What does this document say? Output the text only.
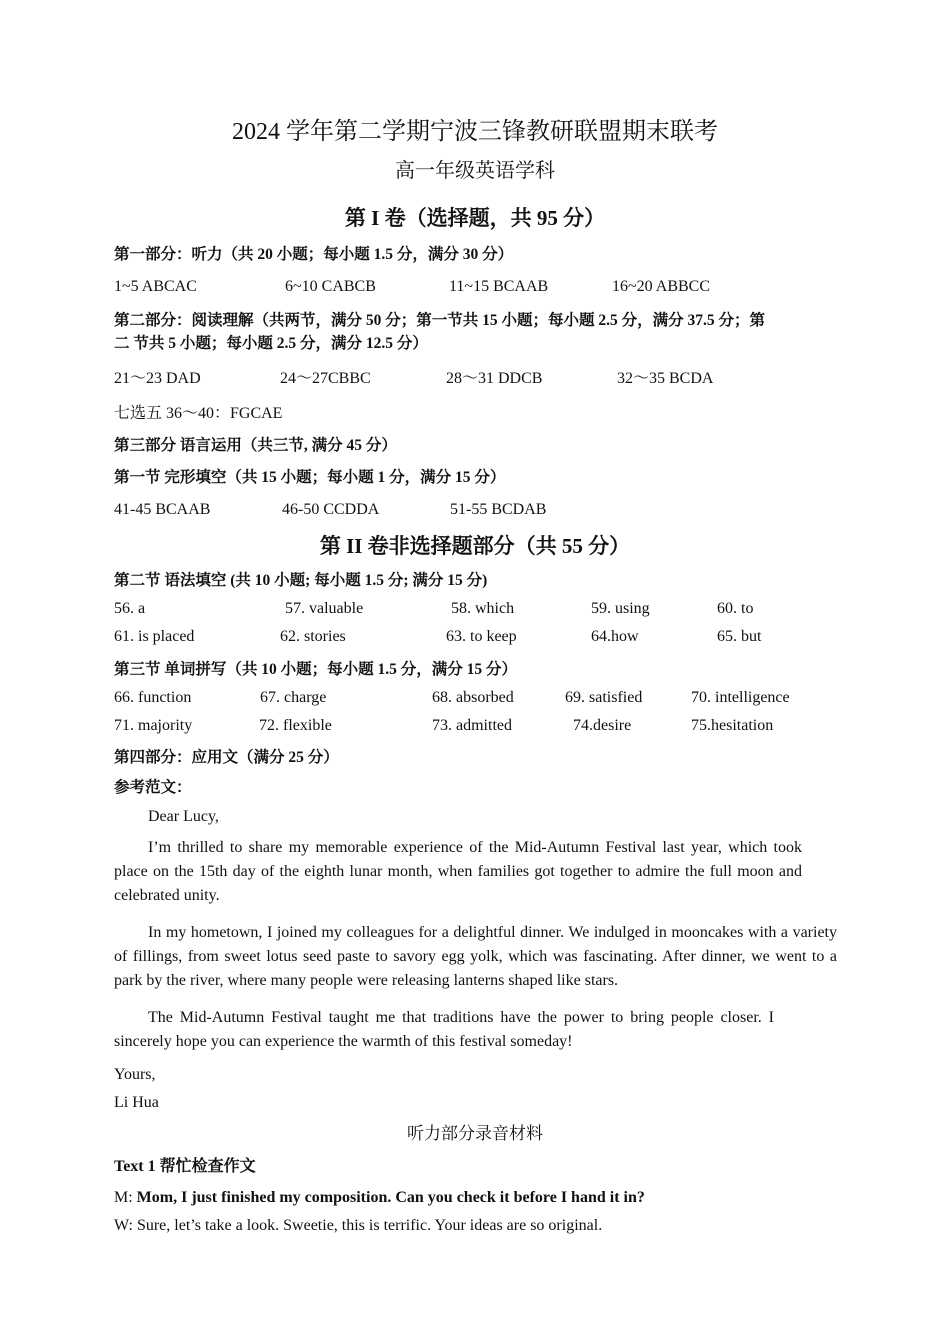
2024 学年第二学期宁波三锋教研联盟期末联考
高一年级英语学科
第 I 卷（选择题，共 95 分）
第一部分：听力（共 20 小题；每小题 1.5 分，满分 30 分）
1~5 ABCAC	6~10 CABCB	11~15 BCAAB	16~20 ABBCC
第二部分：阅读理解（共两节，满分 50 分；第一节共 15 小题；每小题 2.5 分，满分 37.5 分；第
二 节共 5 小题；每小题 2.5 分，满分 12.5 分）
21～23 DAD	24～27CBBC	28～31 DDCB	32～35 BCDA
七选五 36～40：FGCAE
第三部分 语言运用（共三节, 满分 45 分）
第一节 完形填空（共 15 小题；每小题 1 分，满分 15 分）
41-45 BCAAB	46-50 CCDDA	51-55 BCDAB
第 II 卷非选择题部分（共 55 分）
第二节 语法填空 (共 10 小题; 每小题 1.5 分; 满分 15 分)
56. a	57. valuable	58. which	59. using	60. to
61. is placed	62. stories	63. to keep	64.how	65. but
第三节 单词拼写（共 10 小题；每小题 1.5 分，满分 15 分）
66. function	67. charge	68. absorbed	69. satisfied	70. intelligence
71. majority	72. flexible	73. admitted	74.desire	75.hesitation
第四部分：应用文（满分 25 分）
参考范文：
Dear Lucy,
I’m thrilled to share my memorable experience of the Mid-Autumn Festival last year, which took place on the 15th day of the eighth lunar month, when families got together to admire the full moon and celebrated unity.
In my hometown, I joined my colleagues for a delightful dinner. We indulged in mooncakes with a variety of fillings, from sweet lotus seed paste to savory egg yolk, which was fascinating. After dinner, we went to a park by the river, where many people were releasing lanterns shaped like stars.
The Mid-Autumn Festival taught me that traditions have the power to bring people closer. I sincerely hope you can experience the warmth of this festival someday!
Yours,
Li Hua
听力部分录音材料
Text 1 帮忙检查作文
M: Mom, I just finished my composition. Can you check it before I hand it in?
W: Sure, let’s take a look. Sweetie, this is terrific. Your ideas are so original.
